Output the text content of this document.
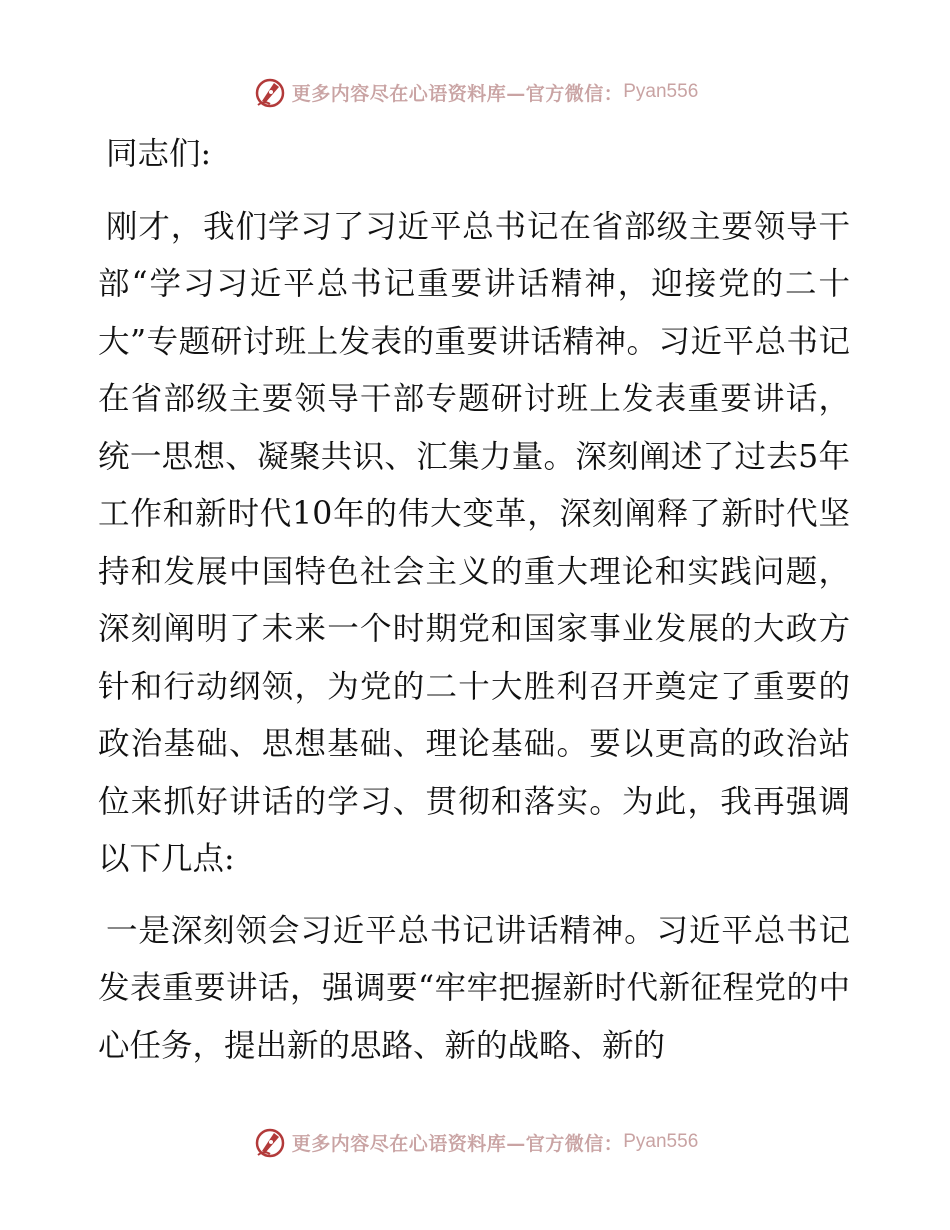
更多内容尽在心语资料库—官方微信： Pyan556

同志们:

刚才，我们学习了习近平总书记在省部级主要领导干部“学习习近平总书记重要讲话精神，迎接党的二十大”专题研讨班上发表的重要讲话精神。习近平总书记在省部级主要领导干部专题研讨班上发表重要讲话，统一思想、凝聚共识、汇集力量。深刻阐述了过去5年工作和新时代10年的伟大变革，深刻阐释了新时代坚持和发展中国特色社会主义的重大理论和实践问题，深刻阐明了未来一个时期党和国家事业发展的大政方针和行动纲领，为党的二十大胜利召开奠定了重要的政治基础、思想基础、理论基础。要以更高的政治站位来抓好讲话的学习、贯彻和落实。为此，我再强调以下几点:

一是深刻领会习近平总书记讲话精神。习近平总书记发表重要讲话，强调要“牢牢把握新时代新征程党的中心任务，提出新的思路、新的战略、新的

更多内容尽在心语资料库—官方微信： Pyan556
